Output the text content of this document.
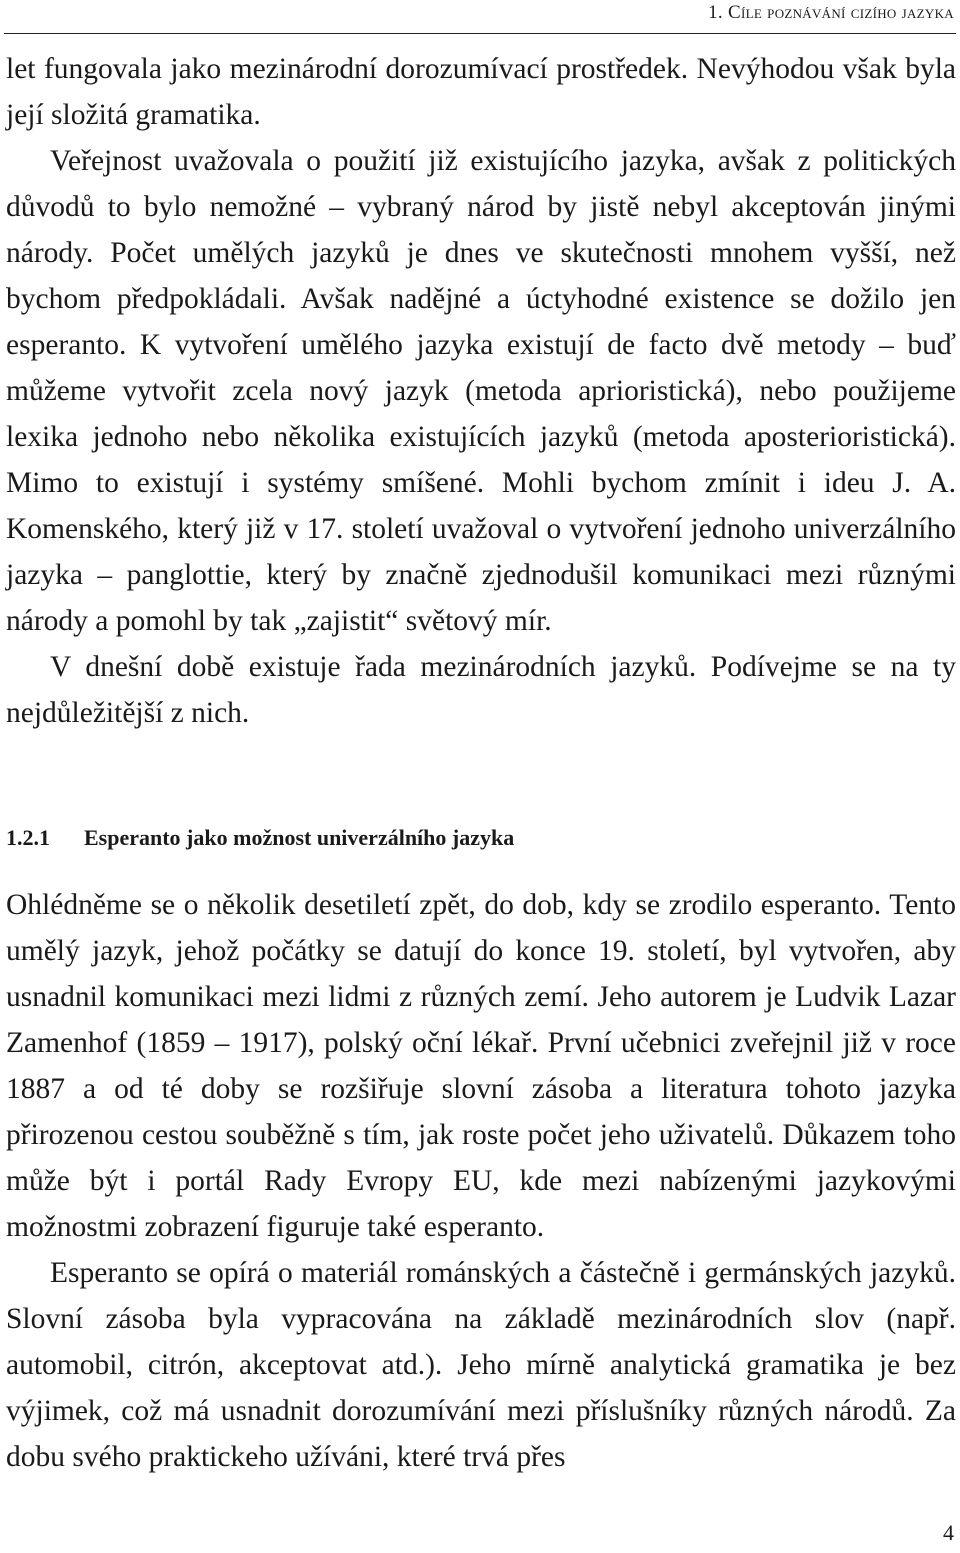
1. Cíle poznávání cizího jazyka

let fungovala jako mezinárodní dorozumívací prostředek. Nevýhodou však byla její složitá gramatika.

Veřejnost uvažovala o použití již existujícího jazyka, avšak z politických důvodů to bylo nemožné – vybraný národ by jistě nebyl akceptován jinými národy. Počet umělých jazyků je dnes ve skutečnosti mnohem vyšší, než bychom předpokládali. Avšak nadějné a úctyhodné existence se dožilo jen esperanto. K vytvoření umělého jazyka existují de facto dvě metody – buď můžeme vytvořit zcela nový jazyk (metoda aprioristická), nebo použijeme lexika jednoho nebo několika existujících jazyků (metoda aposterioristická). Mimo to existují i systémy smíšené. Mohli bychom zmínit i ideu J. A. Komenského, který již v 17. století uvažoval o vytvoření jednoho univerzálního jazyka – panglottie, který by značně zjednodušil komunikaci mezi různými národy a pomohl by tak „zajistit“ světový mír.

V dnešní době existuje řada mezinárodních jazyků. Podívejme se na ty nejdůležitější z nich.

1.2.1 Esperanto jako možnost univerzálního jazyka

Ohlédněme se o několik desetiletí zpět, do dob, kdy se zrodilo esperanto. Tento umělý jazyk, jehož počátky se datují do konce 19. století, byl vytvořen, aby usnadnil komunikaci mezi lidmi z různých zemí. Jeho autorem je Ludvik Lazar Zamenhof (1859 – 1917), polský oční lékař. První učebnici zveřejnil již v roce 1887 a od té doby se rozšiřuje slovní zásoba a literatura tohoto jazyka přirozenou cestou souběžně s tím, jak roste počet jeho uživatelů. Důkazem toho může být i portál Rady Evropy EU, kde mezi nabízenými jazykovými možnostmi zobrazení figuruje také esperanto.

Esperanto se opírá o materiál románských a částečně i germánských jazyků. Slovní zásoba byla vypracována na základě mezinárodních slov (např. automobil, citrón, akceptovat atd.). Jeho mírně analytická gramatika je bez výjimek, což má usnadnit dorozumívání mezi příslušníky různých národů. Za dobu svého praktickeho užíváni, které trvá přes

4
